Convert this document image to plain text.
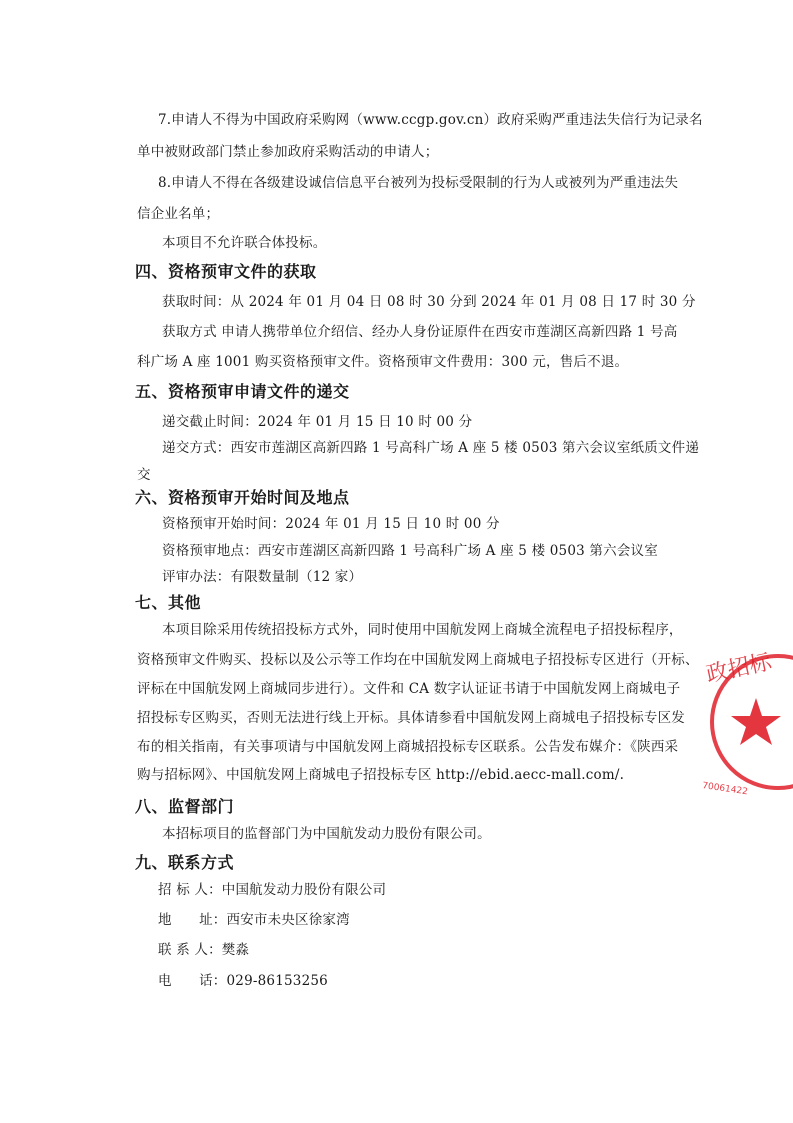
7.申请人不得为中国政府采购网（www.ccgp.gov.cn）政府采购严重违法失信行为记录名
单中被财政部门禁止参加政府采购活动的申请人；
8.申请人不得在各级建设诚信信息平台被列为投标受限制的行为人或被列为严重违法失
信企业名单；
本项目不允许联合体投标。
四、资格预审文件的获取
获取时间：从 2024 年 01 月 04 日 08 时 30 分到 2024 年 01 月 08 日 17 时 30 分
获取方式 申请人携带单位介绍信、经办人身份证原件在西安市莲湖区高新四路 1 号高
科广场 A 座 1001 购买资格预审文件。资格预审文件费用：300 元，售后不退。
五、资格预审申请文件的递交
递交截止时间：2024 年 01 月 15 日 10 时 00 分
递交方式：西安市莲湖区高新四路 1 号高科广场 A 座 5 楼 0503 第六会议室纸质文件递
交
六、资格预审开始时间及地点
资格预审开始时间：2024 年 01 月 15 日 10 时 00 分
资格预审地点：西安市莲湖区高新四路 1 号高科广场 A 座 5 楼 0503 第六会议室
评审办法：有限数量制（12 家）
七、其他
本项目除采用传统招投标方式外，同时使用中国航发网上商城全流程电子招投标程序，
资格预审文件购买、投标以及公示等工作均在中国航发网上商城电子招投标专区进行（开标、
评标在中国航发网上商城同步进行）。文件和 CA 数字认证证书请于中国航发网上商城电子
招投标专区购买，否则无法进行线上开标。具体请参看中国航发网上商城电子招投标专区发
布的相关指南，有关事项请与中国航发网上商城招投标专区联系。公告发布媒介：《陕西采
购与招标网》、中国航发网上商城电子招投标专区 http://ebid.aecc-mall.com/.
八、监督部门
本招标项目的监督部门为中国航发动力股份有限公司。
九、联系方式
招 标 人：中国航发动力股份有限公司
地　　址：西安市未央区徐家湾
联 系 人：樊淼
电　　话：029-86153256
政招标
70061422
